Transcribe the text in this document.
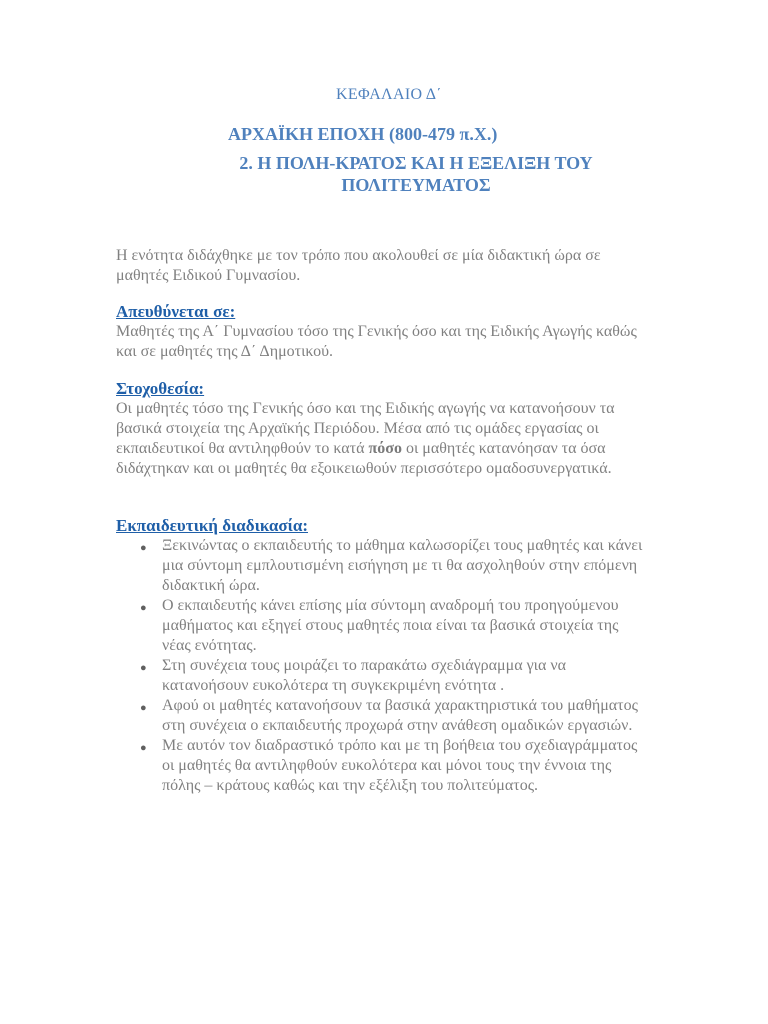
ΚΕΦΑΛΑΙΟ Δ΄
ΑΡΧΑΪΚΗ ΕΠΟΧΗ (800-479 π.Χ.)
2. Η ΠΟΛΗ-ΚΡΑΤΟΣ ΚΑΙ Η ΕΞΕΛΙΞΗ ΤΟΥ ΠΟΛΙΤΕΥΜΑΤΟΣ
Η ενότητα διδάχθηκε με τον τρόπο που ακολουθεί σε μία διδακτική ώρα σε μαθητές Ειδικού Γυμνασίου.
Απευθύνεται σε:
Μαθητές της Α΄ Γυμνασίου τόσο της Γενικής όσο και της Ειδικής Αγωγής καθώς και σε μαθητές της Δ΄ Δημοτικού.
Στοχοθεσία:
Οι μαθητές τόσο της Γενικής όσο και της Ειδικής αγωγής να κατανοήσουν τα βασικά στοιχεία της Αρχαϊκής Περιόδου. Μέσα από τις ομάδες εργασίας οι εκπαιδευτικοί θα αντιληφθούν το κατά πόσο οι μαθητές κατανόησαν τα όσα διδάχτηκαν και οι μαθητές θα εξοικειωθούν περισσότερο ομαδοσυνεργατικά.
Εκπαιδευτική διαδικασία:
●
Ξεκινώντας ο εκπαιδευτής το μάθημα καλωσορίζει τους μαθητές και κάνει μια σύντομη εμπλουτισμένη εισήγηση με τι θα ασχοληθούν στην επόμενη διδακτική ώρα.
●
Ο εκπαιδευτής κάνει επίσης μία σύντομη αναδρομή του προηγούμενου μαθήματος και εξηγεί στους μαθητές ποια είναι τα βασικά στοιχεία της νέας ενότητας.
●
Στη συνέχεια τους μοιράζει το παρακάτω σχεδιάγραμμα για να κατανοήσουν ευκολότερα τη συγκεκριμένη ενότητα .
●
Αφού οι μαθητές κατανοήσουν τα βασικά χαρακτηριστικά του μαθήματος στη συνέχεια ο εκπαιδευτής προχωρά στην ανάθεση ομαδικών εργασιών.
●
Με αυτόν τον διαδραστικό τρόπο και με τη βοήθεια του σχεδιαγράμματος οι μαθητές θα αντιληφθούν ευκολότερα και μόνοι τους την έννοια της πόλης – κράτους καθώς και την εξέλιξη του πολιτεύματος.
